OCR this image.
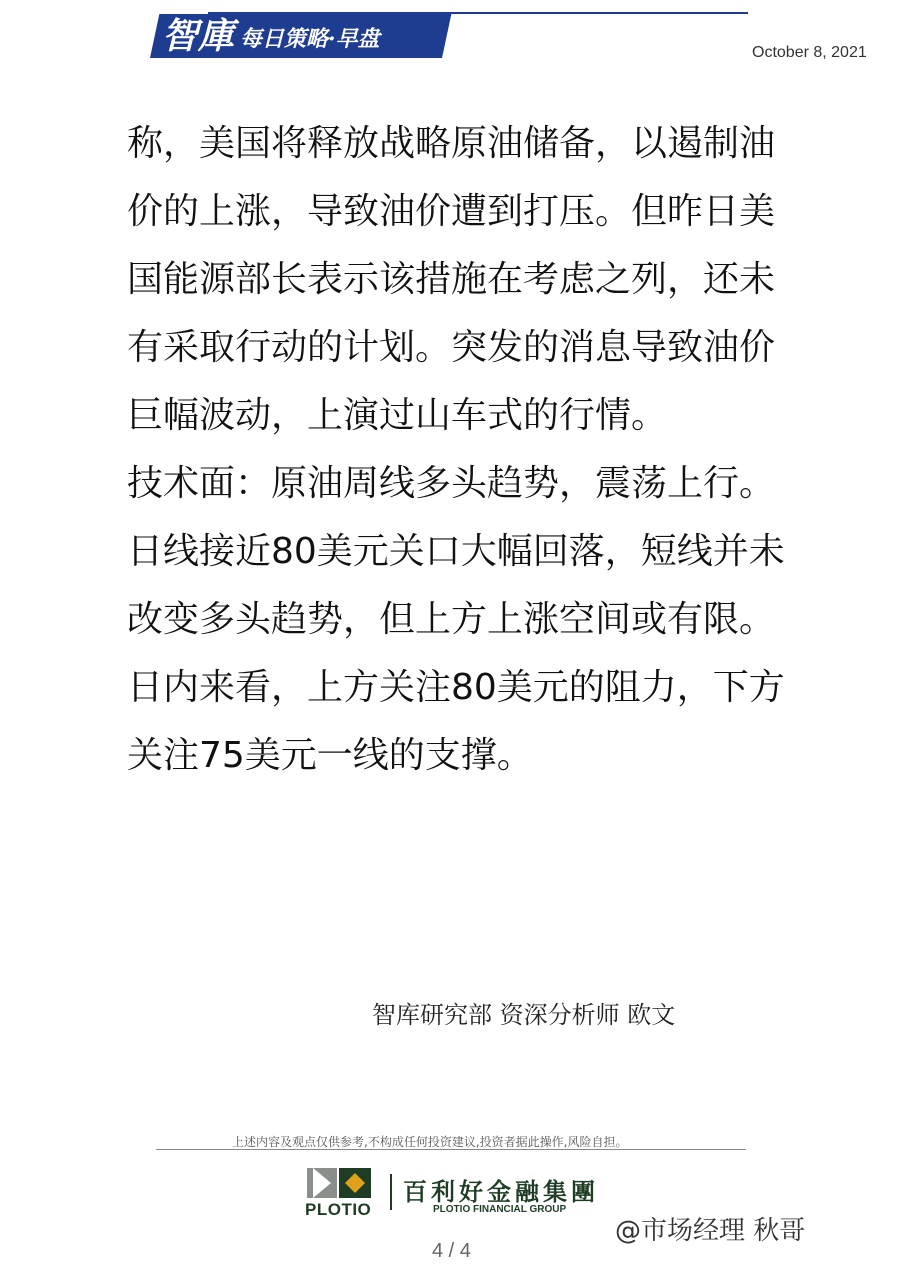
智庫 每日策略·早盘
October 8, 2021

称，美国将释放战略原油储备，以遏制油价的上涨，导致油价遭到打压。但昨日美国能源部长表示该措施在考虑之列，还未有采取行动的计划。突发的消息导致油价巨幅波动，上演过山车式的行情。

技术面：原油周线多头趋势，震荡上行。日线接近80美元关口大幅回落，短线并未改变多头趋势，但上方上涨空间或有限。日内来看，上方关注80美元的阻力，下方关注75美元一线的支撑。

智库研究部 资深分析师 欧文
上述内容及观点仅供参考,不构成任何投资建议,投资者据此操作,风险自担。
PLOTIO
百利好金融集團
PLOTIO FINANCIAL GROUP
@市场经理 秋哥
4 / 4
